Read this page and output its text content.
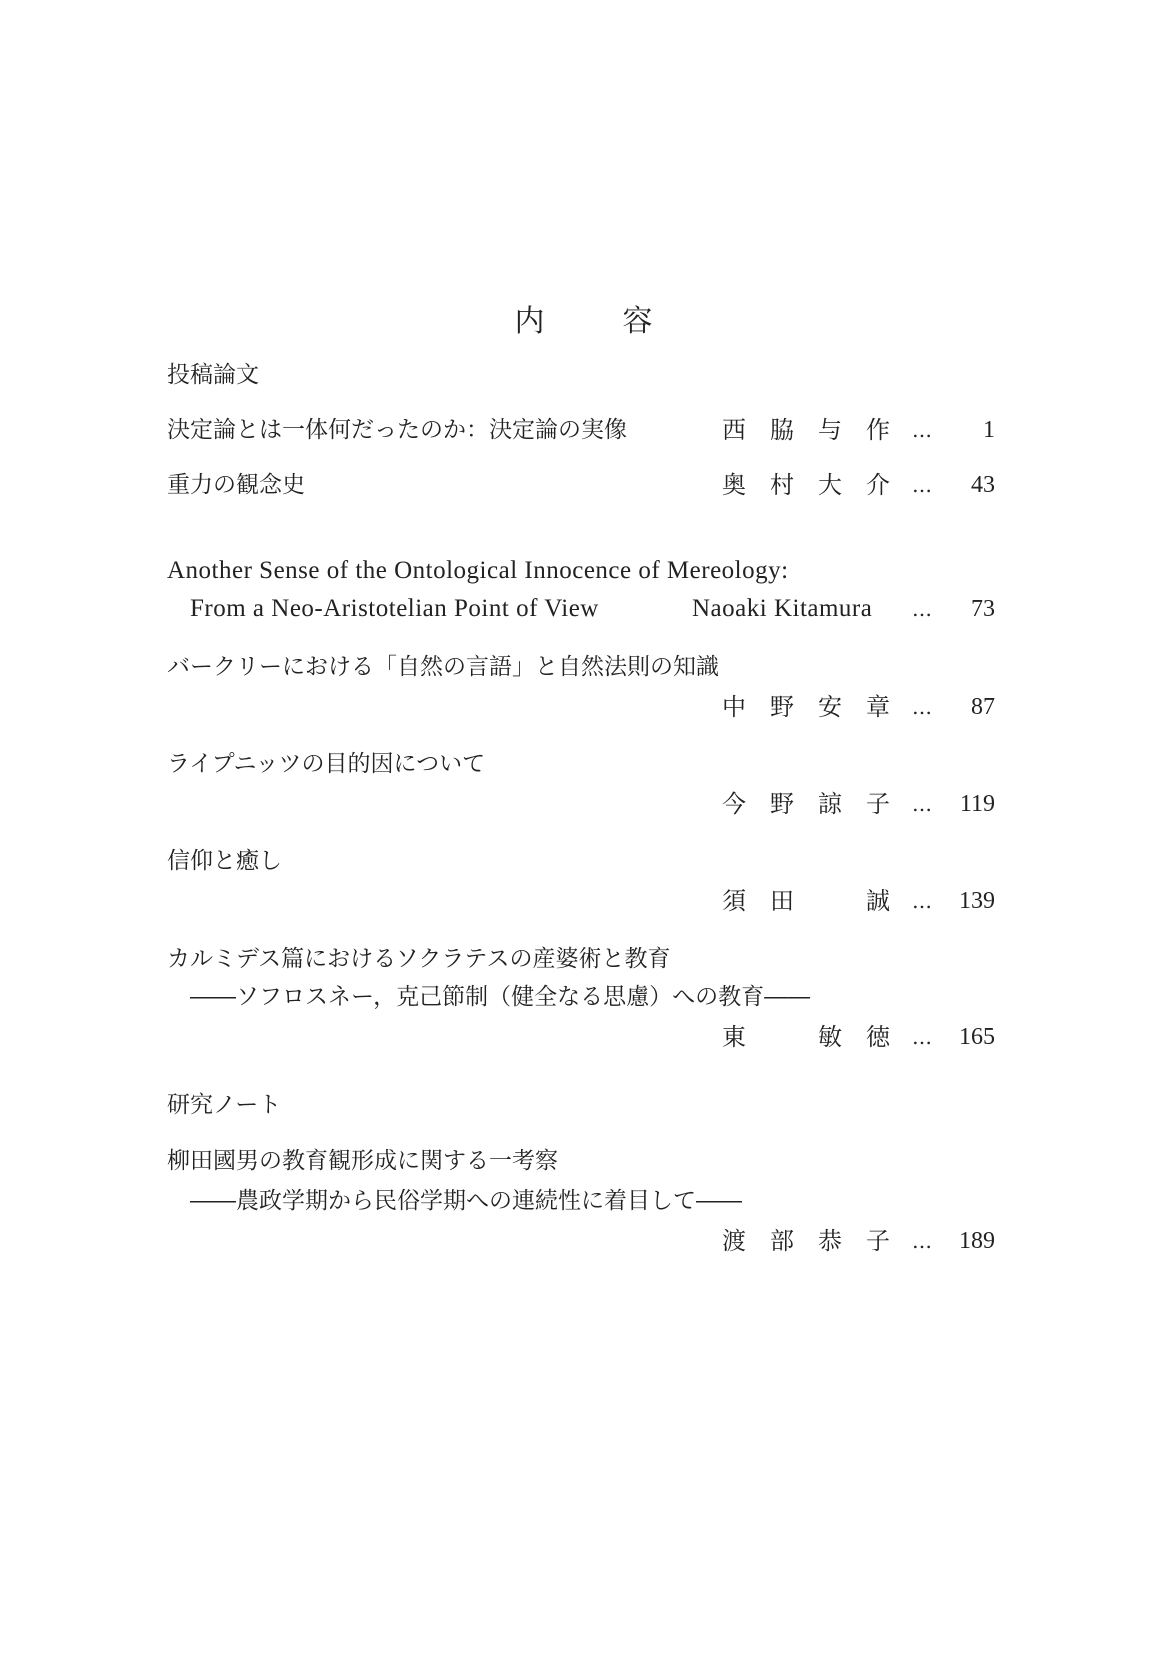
内	容
投稿論文
決定論とは一体何だったのか：決定論の実像	西 脇 与 作	… 1
重力の観念史	奥 村 大 介	… 43
Another Sense of the Ontological Innocence of Mereology:
From a Neo-Aristotelian Point of View	Naoaki Kitamura … 73
バークリーにおける「自然の言語」と自然法則の知識
中 野 安 章	… 87
ライプニッツの目的因について
今 野 諒 子	… 119
信仰と癒し
須 田	誠	… 139
カルミデス篇におけるソクラテスの産婆術と教育
――ソフロスネー，克己節制（健全なる思慮）への教育――
東	敏 徳	… 165
研究ノート
柳田國男の教育観形成に関する一考察
――農政学期から民俗学期への連続性に着目して――
渡 部 恭 子	… 189
